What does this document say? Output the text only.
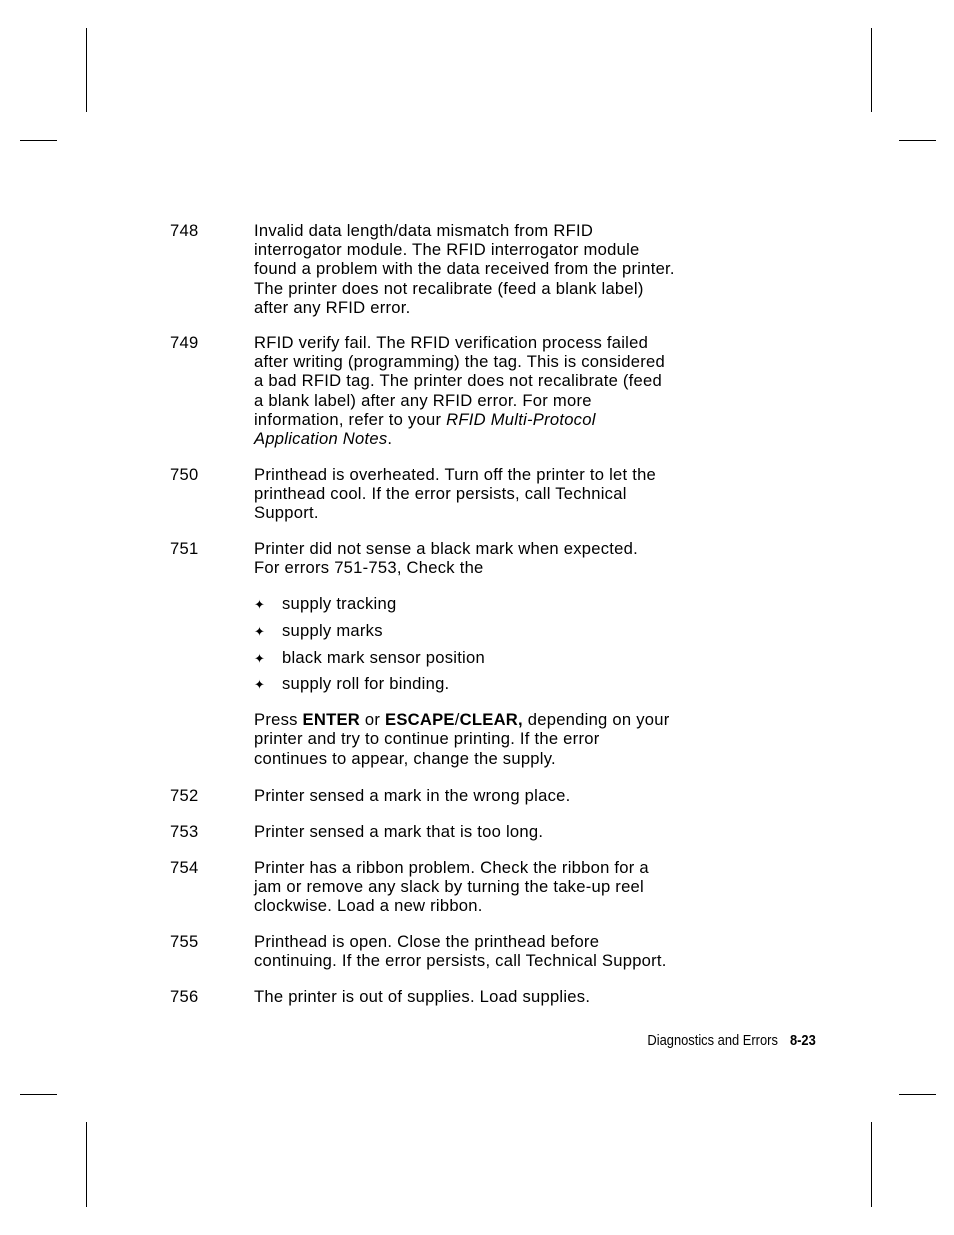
748	Invalid data length/data mismatch from RFID
interrogator module. The RFID interrogator module
found a problem with the data received from the printer.
The printer does not recalibrate (feed a blank label)
after any RFID error.
749	RFID verify fail. The RFID verification process failed
after writing (programming) the tag. This is considered
a bad RFID tag. The printer does not recalibrate (feed
a blank label) after any RFID error. For more
information, refer to your RFID Multi-Protocol
Application Notes.
750	Printhead is overheated. Turn off the printer to let the
printhead cool. If the error persists, call Technical
Support.
751	Printer did not sense a black mark when expected.
For errors 751-753, Check the
✦ supply tracking
✦ supply marks
✦ black mark sensor position
✦ supply roll for binding.
Press ENTER or ESCAPE/CLEAR, depending on your
printer and try to continue printing. If the error
continues to appear, change the supply.
752	Printer sensed a mark in the wrong place.
753	Printer sensed a mark that is too long.
754	Printer has a ribbon problem. Check the ribbon for a
jam or remove any slack by turning the take-up reel
clockwise. Load a new ribbon.
755	Printhead is open. Close the printhead before
continuing. If the error persists, call Technical Support.
756	The printer is out of supplies. Load supplies.
Diagnostics and Errors 8-23
